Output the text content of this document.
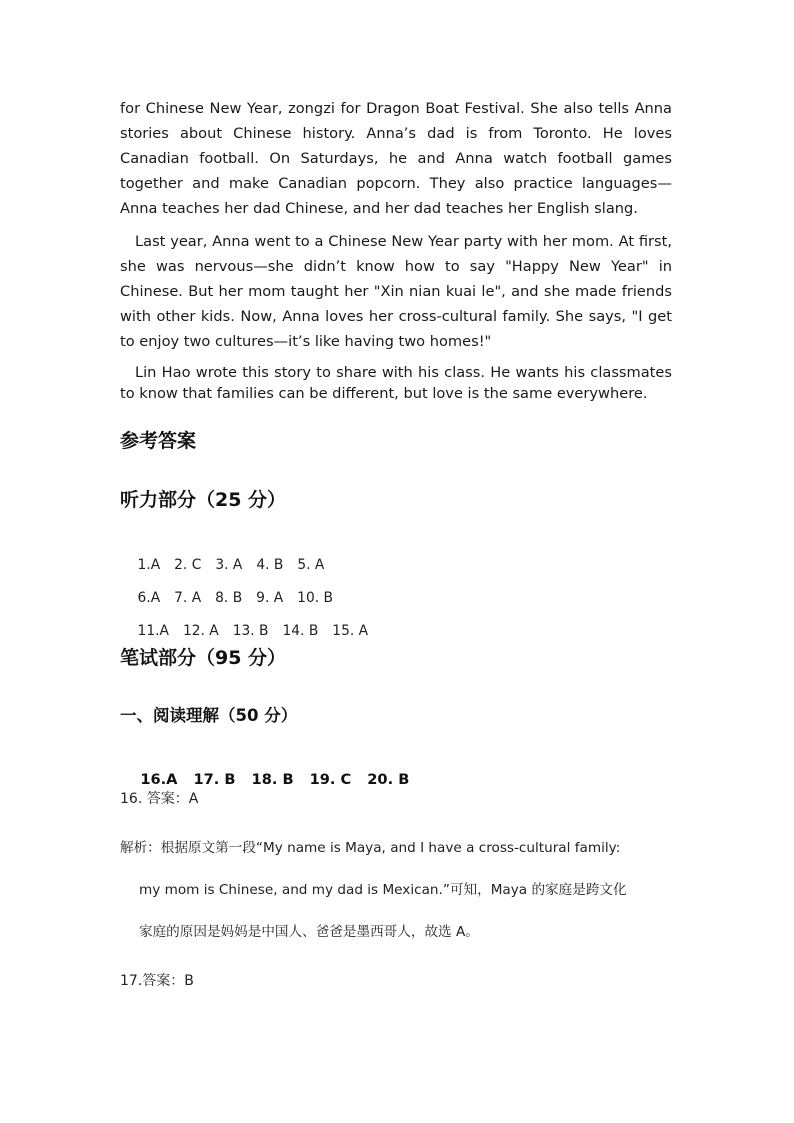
for Chinese New Year, zongzi for Dragon Boat Festival. She also tells Anna stories about Chinese history. Anna’s dad is from Toronto. He loves Canadian football. On Saturdays, he and Anna watch football games together and make Canadian popcorn. They also practice languages—Anna teaches her dad Chinese, and her dad teaches her English slang.

Last year, Anna went to a Chinese New Year party with her mom. At first, she was nervous—she didn’t know how to say "Happy New Year" in Chinese. But her mom taught her "Xin nian kuai le", and she made friends with other kids. Now, Anna loves her cross-cultural family. She says, "I get to enjoy two cultures—it’s like having two homes!"

Lin Hao wrote this story to share with his class. He wants his classmates to know that families can be different, but love is the same everywhere.

参考答案
听力部分（25 分）

1.A 2. C 3. A 4. B 5. A

6.A 7. A 8. B 9. A 10. B

11.A 12. A 13. B 14. B 15. A

笔试部分（95 分）
一、阅读理解（50 分）

16.A 17. B 18. B 19. C 20. B

16. 答案：A

解析：根据原文第一段“My name is Maya, and I have a cross-cultural family:

my mom is Chinese, and my dad is Mexican.”可知，Maya 的家庭是跨文化

家庭的原因是妈妈是中国人、爸爸是墨西哥人，故选 A。

17.答案：B
